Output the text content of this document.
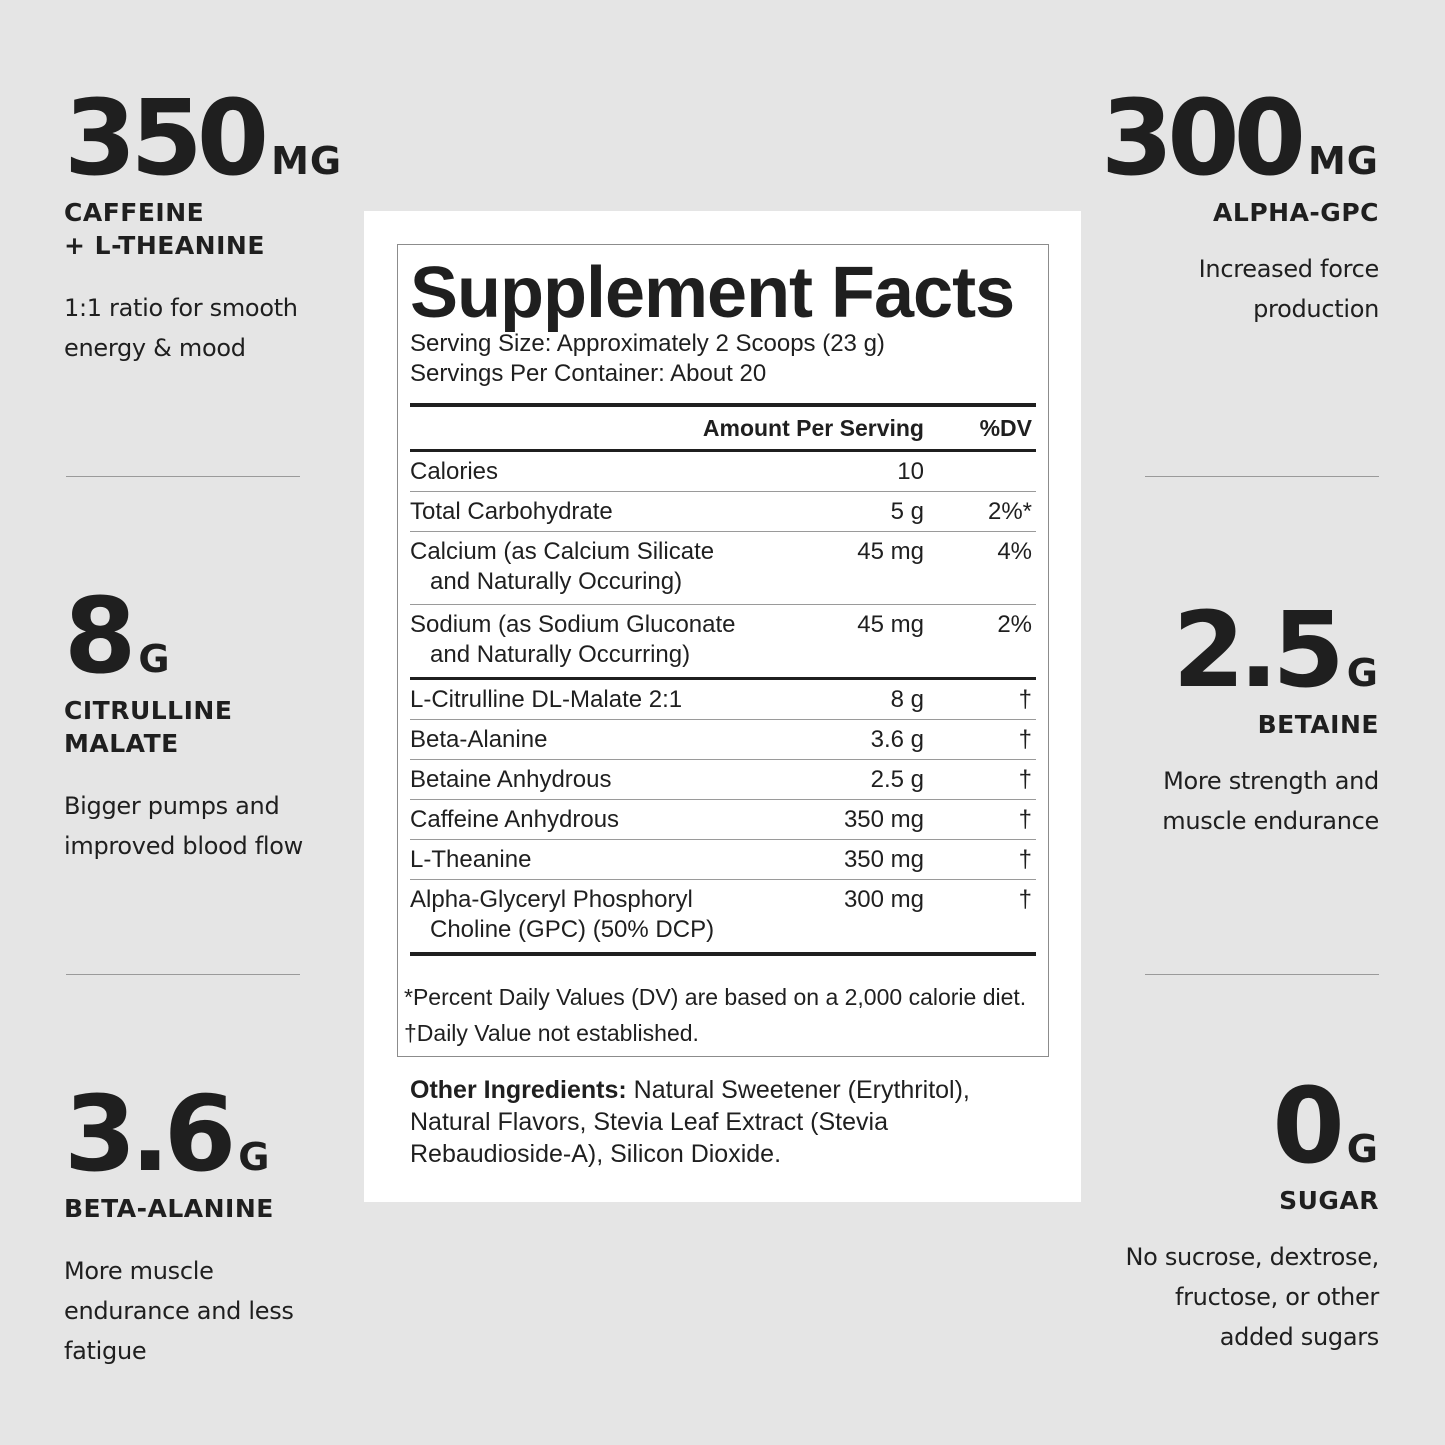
350 MG
CAFFEINE
+ L-THEANINE
1:1 ratio for smooth
energy & mood
8 G
CITRULLINE
MALATE
Bigger pumps and
improved blood flow
3.6 G
BETA-ALANINE
More muscle
endurance and less
fatigue
300 MG
ALPHA-GPC
Increased force
production
2.5 G
BETAINE
More strength and
muscle endurance
0 G
SUGAR
No sucrose, dextrose,
fructose, or other
added sugars
Supplement Facts
Serving Size: Approximately 2 Scoops (23 g)
Servings Per Container: About 20
Amount Per Serving	%DV
Calories	10
Total Carbohydrate	5 g	2%*
Calcium (as Calcium Silicate
and Naturally Occuring)
45 mg	4%
Sodium (as Sodium Gluconate
and Naturally Occurring)
45 mg	2%
L-Citrulline DL-Malate 2:1	8 g	†
Beta-Alanine	3.6 g	†
Betaine Anhydrous	2.5 g	†
Caffeine Anhydrous	350 mg	†
L-Theanine	350 mg	†
Alpha-Glyceryl Phosphoryl
Choline (GPC) (50% DCP)
300 mg	†
*Percent Daily Values (DV) are based on a 2,000 calorie diet.
†Daily Value not established.
Other Ingredients: Natural Sweetener (Erythritol),
Natural Flavors, Stevia Leaf Extract (Stevia
Rebaudioside-A), Silicon Dioxide.
